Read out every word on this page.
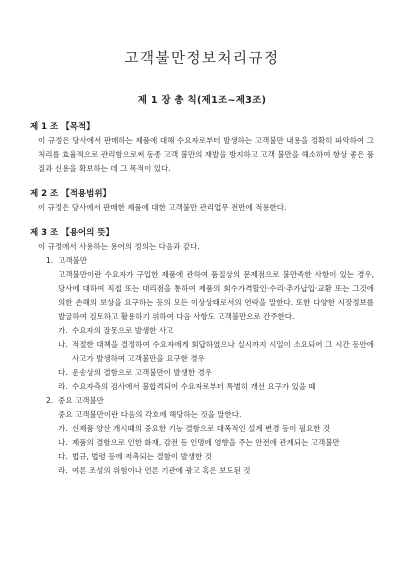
고객불만정보처리규정
제 1 장 총 칙(제1조~제3조)

제 1 조 【목적】

이 규정은 당사에서 판매하는 제품에 대해 수요자로부터 발생하는 고객불만 내용을 정확히 파악하여 그 처리를 효율적으로 관리함으로써 동종 고객 불만의 재발을 방지하고 고객 불만을 해소하여 항상 좋은 품질과 신용을 확보하는 데 그 목적이 있다.

제 2 조 【적용범위】

이 규정은 당사에서 판매한 제품에 대한 고객불만 관리업무 전반에 적용한다.

제 3 조 【용어의 뜻】

이 규정에서 사용하는 용어의 정의는 다음과 같다.

1. 고객불만

고객불만이란 수요자가 구입한 제품에 관하여 품질상의 문제점으로 불만족한 사항이 있는 경우, 당사에 대하여 직접 또는 대리점을 통하여 제품의 회수가격할인·수리·추가납입·교환 또는 그것에 의한 손해의 보상을 요구하는 등의 모든 이상상태로서의 연락을 말한다. 또한 다양한 시장정보를 발굴하여 검토하고 활용하기 위하여 다음 사항도 고객불만으로 간주한다.

가. 수요자의 잘못으로 발생한 사고
나. 적절한 대책을 결정하여 수요자에게 회답하였으나 실시까지 시일이 소요되어 그 시간 동안에 사고가 발생하여 고객불만을 요구한 경우
다. 운송상의 결함으로 고객불만이 발생한 경우
라. 수요자측의 검사에서 불합격되어 수요자로부터 특별히 개선 요구가 있을 때

2. 중요 고객불만

중요 고객불만이란 다음의 각호에 해당하는 것을 말한다.

가. 신제품 양산 개시때의 중요한 기능 결함으로 대폭적인 설계 변경 등이 필요한 것
나. 제품의 결함으로 인한 화재, 감전 등 인명에 영향을 주는 안전에 관계되는 고객불만
다. 법규, 법령 등에 저촉되는 결함이 발생한 것
라. 여론 조성의 위험이나 언론 기관에 광고 혹은 보도된 것
